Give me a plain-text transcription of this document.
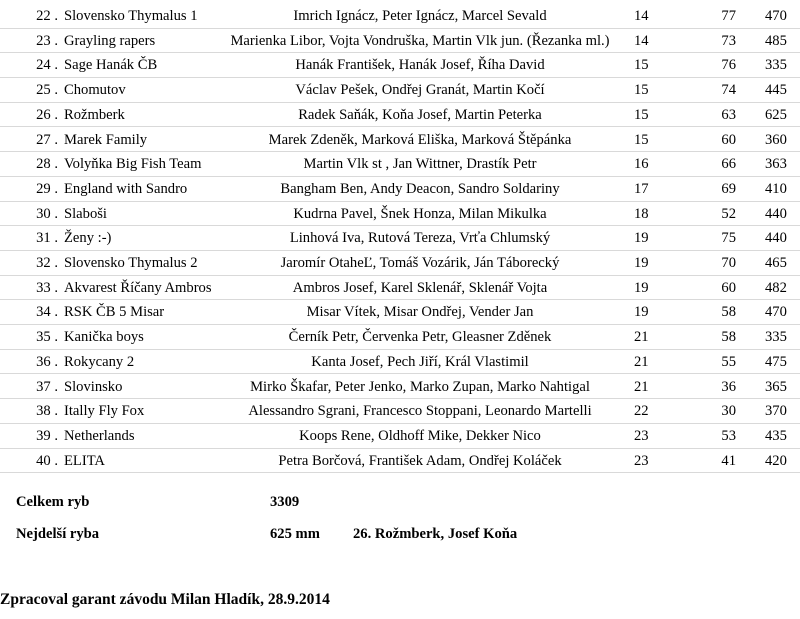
22 . Slovensko Thymalus 1	Imrich Ignácz, Peter Ignácz, Marcel Sevald	14	77 470
23 . Grayling rapers	Marienka Libor, Vojta Vondruška, Martin Vlk jun. (Řezanka ml.)	14	73 485
24 . Sage Hanák ČB	Hanák František, Hanák Josef, Říha David	15	76 335
25 . Chomutov	Václav Pešek, Ondřej Granát, Martin Kočí	15	74 445
26 . Rožmberk	Radek Saňák, Koňa Josef, Martin Peterka	15	63 625
27 . Marek Family	Marek Zdeněk, Marková Eliška, Marková Štěpánka	15	60 360
28 . Volyňka Big Fish Team	Martin Vlk st , Jan Wittner, Drastík Petr	16	66 363
29 . England with Sandro	Bangham Ben, Andy Deacon, Sandro Soldariny	17	69 410
30 . Slaboši	Kudrna Pavel, Šnek Honza, Milan Mikulka	18	52 440
31 . Ženy :-)	Linhová Iva, Rutová Tereza, Vrťa Chlumský	19	75 440
32 . Slovensko Thymalus 2	Jaromír OtaheĽ, Tomáš Vozárik, Ján Táborecký	19	70 465
33 . Akvarest Říčany Ambros	Ambros Josef, Karel Sklenář, Sklenář Vojta	19	60 482
34 . RSK ČB 5 Misar	Misar Vítek, Misar Ondřej, Vender Jan	19	58 470
35 . Kanička boys	Černík Petr, Červenka Petr, Gleasner Zděnek	21	58 335
36 . Rokycany 2	Kanta Josef, Pech Jiří, Král Vlastimil	21	55 475
37 . Slovinsko	Mirko Škafar, Peter Jenko, Marko Zupan, Marko Nahtigal	21	36 365
38 . Itally Fly Fox	Alessandro Sgrani, Francesco Stoppani, Leonardo Martelli	22	30 370
39 . Netherlands	Koops Rene, Oldhoff Mike, Dekker Nico	23	53 435
40 . ELITA	Petra Borčová, František Adam, Ondřej Koláček	23	41 420
Celkem ryb	3309
Nejdelší ryba	625 mm 26. Rožmberk, Josef Koňa
Zpracoval garant závodu Milan Hladík, 28.9.2014
